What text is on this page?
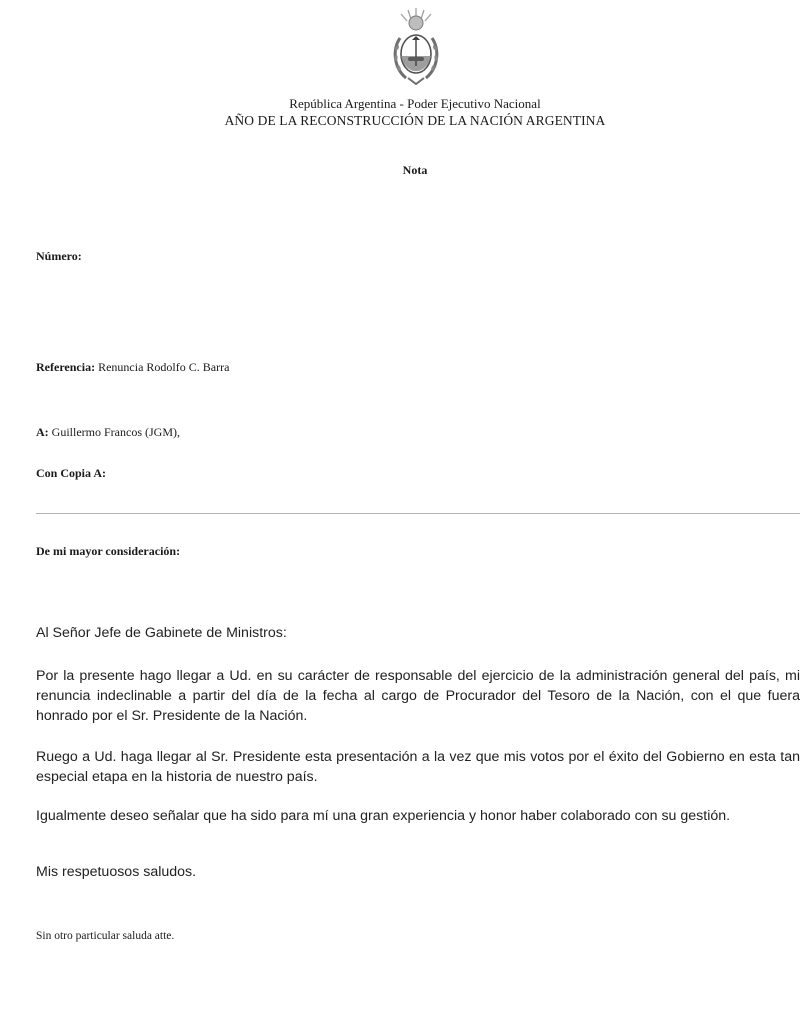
República Argentina - Poder Ejecutivo Nacional
AÑO DE LA RECONSTRUCCIÓN DE LA NACIÓN ARGENTINA
Nota
Número:
Referencia: Renuncia Rodolfo C. Barra
A: Guillermo Francos (JGM),
Con Copia A:
De mi mayor consideración:
Al Señor Jefe de Gabinete de Ministros:
Por la presente hago llegar a Ud. en su carácter de responsable del ejercicio de la administración general del país, mi renuncia indeclinable a partir del día de la fecha al cargo de Procurador del Tesoro de la Nación, con el que fuera honrado por el Sr. Presidente de la Nación.
Ruego a Ud. haga llegar al Sr. Presidente esta presentación a la vez que mis votos por el éxito del Gobierno en esta tan especial etapa en la historia de nuestro país.
Igualmente deseo señalar que ha sido para mí una gran experiencia y honor haber colaborado con su gestión.
Mis respetuosos saludos.
Sin otro particular saluda atte.
